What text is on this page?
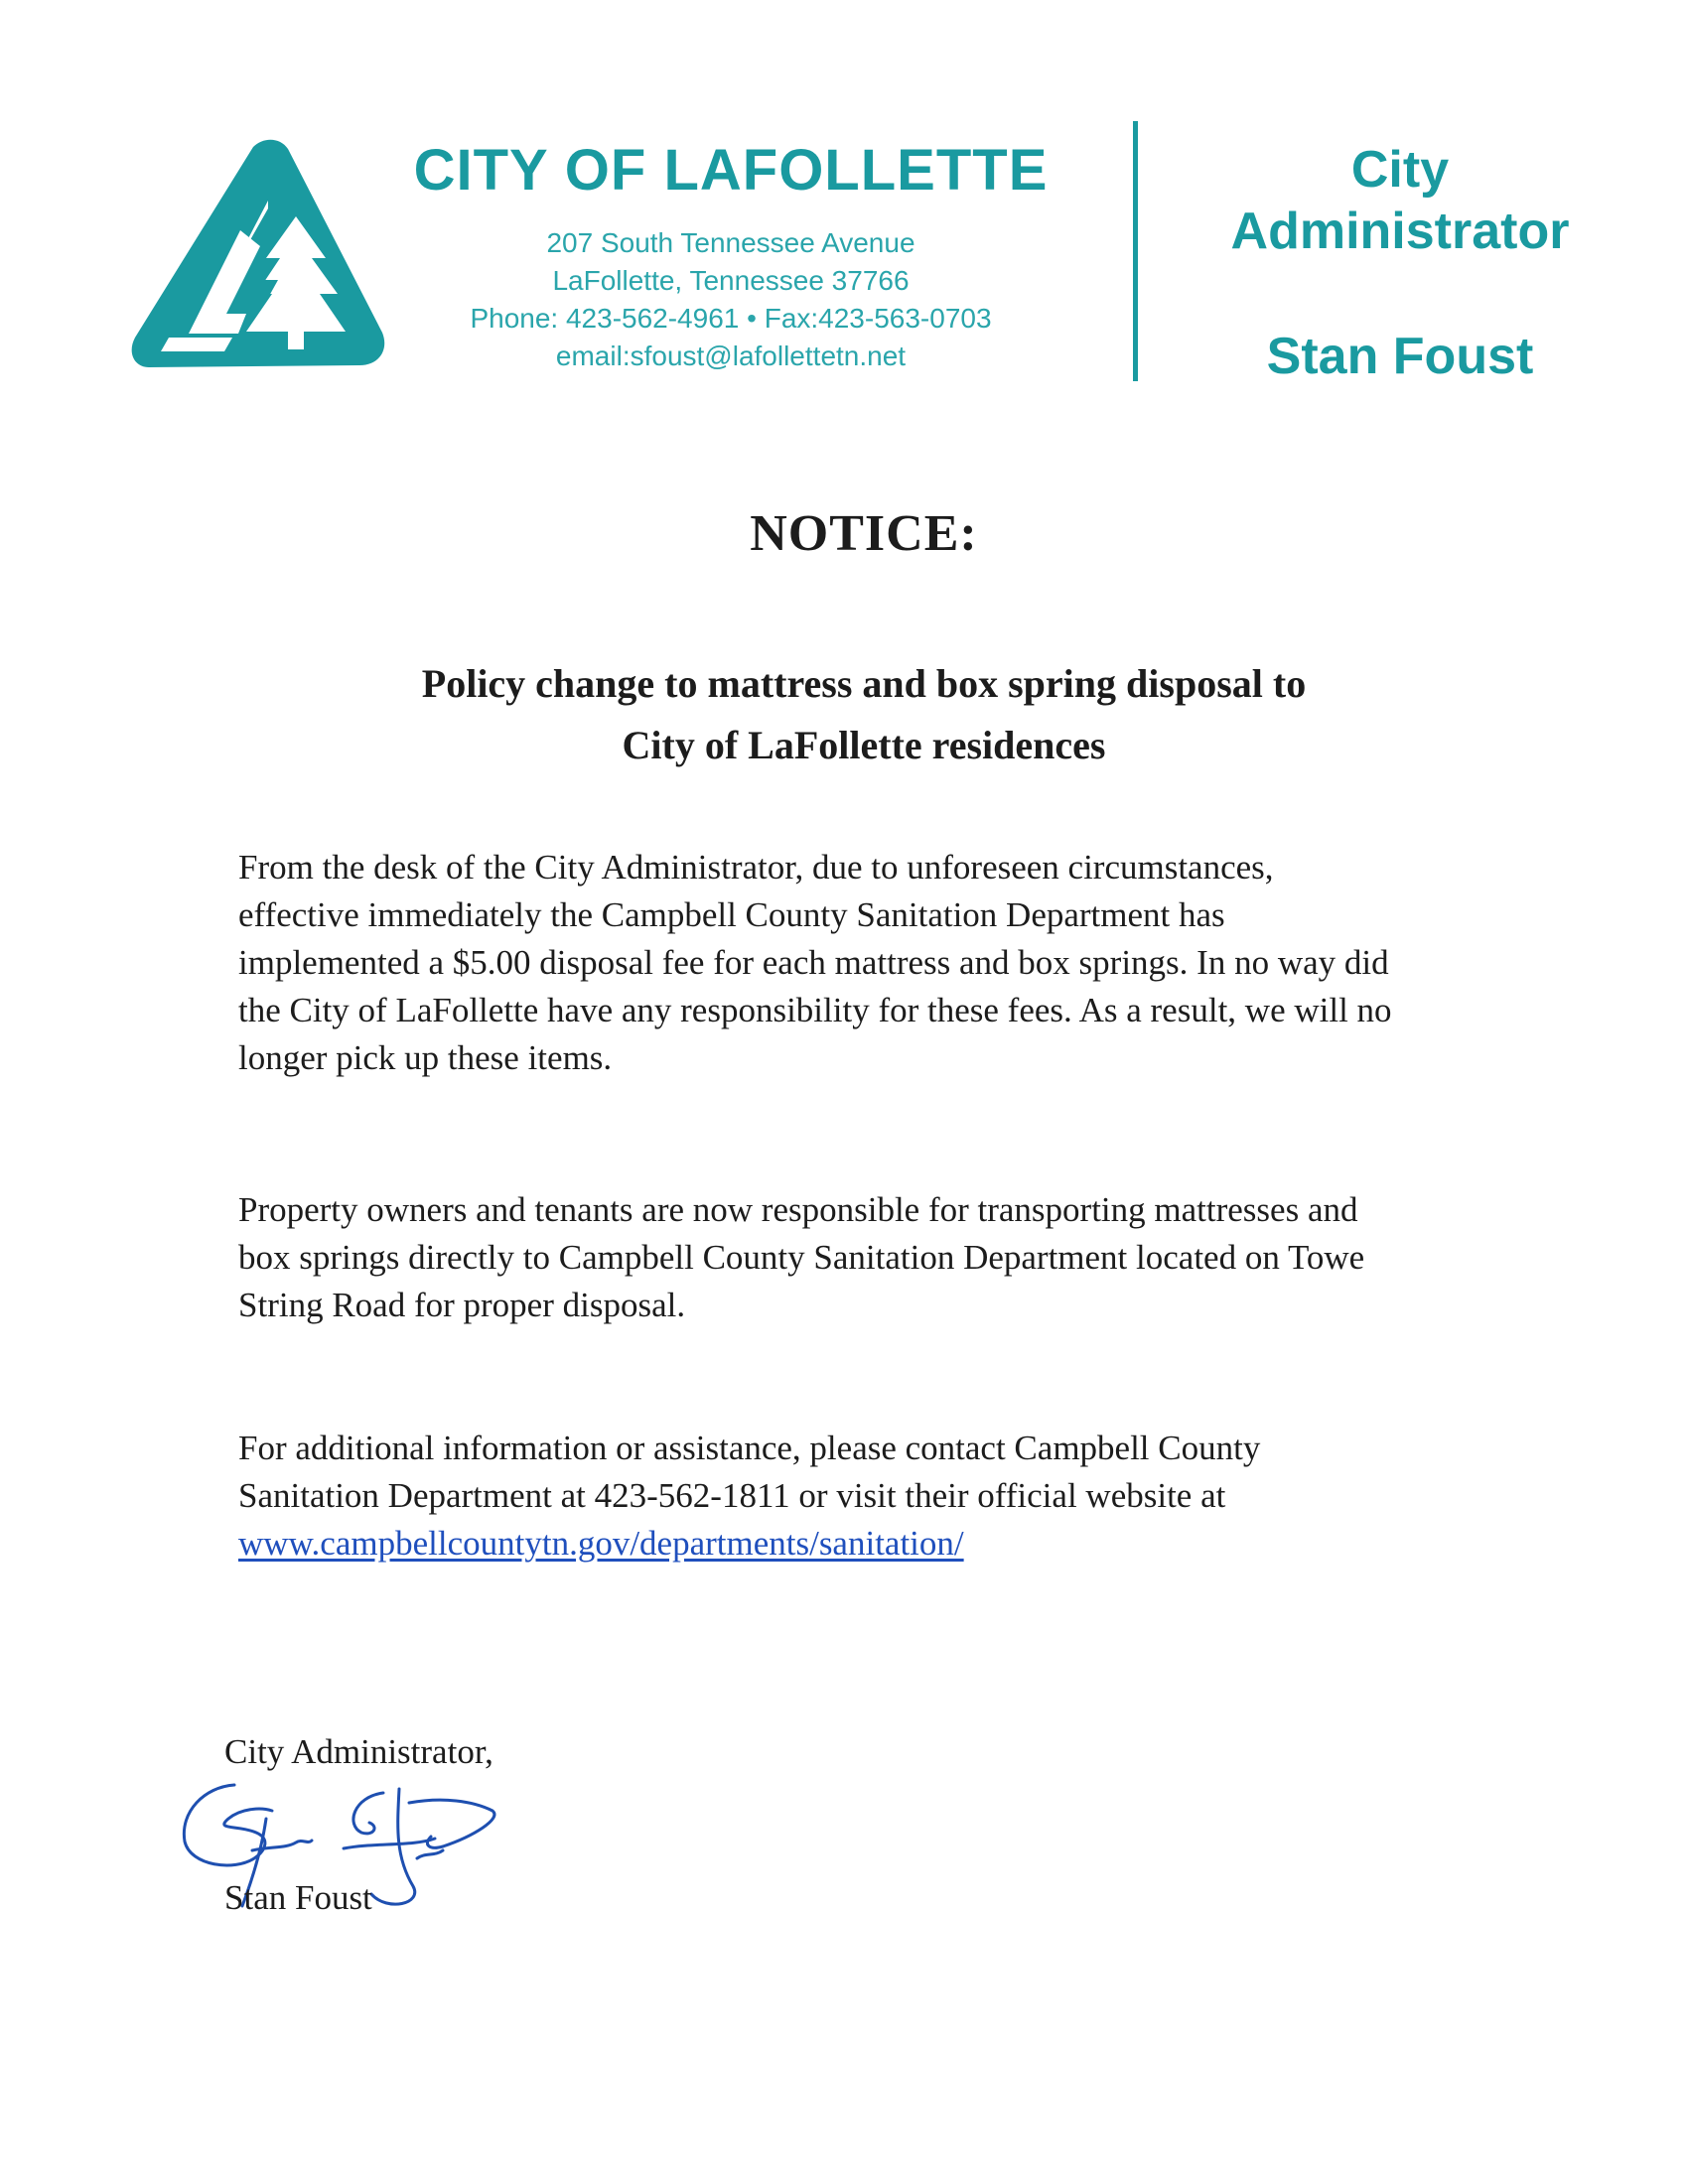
CITY OF LAFOLLETTE
207 South Tennessee Avenue
LaFollette, Tennessee 37766
Phone: 423-562-4961 • Fax:423-563-0703
email:sfoust@lafollettetn.net
City
Administrator
Stan Foust
NOTICE:
Policy change to mattress and box spring disposal to
City of LaFollette residences
From the desk of the City Administrator, due to unforeseen circumstances,
effective immediately the Campbell County Sanitation Department has
implemented a $5.00 disposal fee for each mattress and box springs. In no way did
the City of LaFollette have any responsibility for these fees. As a result, we will no
longer pick up these items.
Property owners and tenants are now responsible for transporting mattresses and
box springs directly to Campbell County Sanitation Department located on Towe
String Road for proper disposal.
For additional information or assistance, please contact Campbell County
Sanitation Department at 423-562-1811 or visit their official website at
www.campbellcountytn.gov/departments/sanitation/
City Administrator,
Stan Foust
